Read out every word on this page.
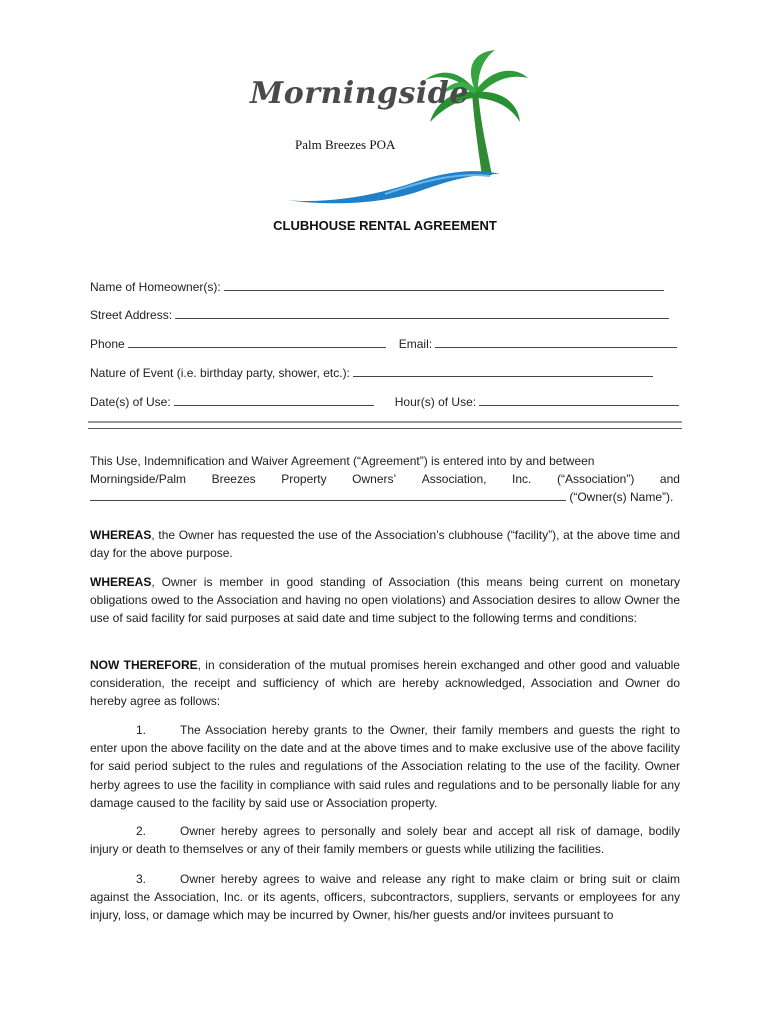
Morningside
Palm Breezes POA
CLUBHOUSE RENTAL AGREEMENT
Name of Homeowner(s):
Street Address:
Phone	Email:
Nature of Event (i.e. birthday party, shower, etc.):
Date(s) of Use:	Hour(s) of Use:
This Use, Indemnification and Waiver Agreement (“Agreement”) is entered into by and between
Morningside/Palm Breezes Property Owners’ Association, Inc. (“Association”) and
(“Owner(s) Name”).
WHEREAS, the Owner has requested the use of the Association’s clubhouse (“facility”), at the above time and day for the above purpose.
WHEREAS, Owner is member in good standing of Association (this means being current on monetary obligations owed to the Association and having no open violations) and Association desires to allow Owner the use of said facility for said purposes at said date and time subject to the following terms and conditions:
NOW THEREFORE, in consideration of the mutual promises herein exchanged and other good and valuable consideration, the receipt and sufficiency of which are hereby acknowledged, Association and Owner do hereby agree as follows:
1.	The Association hereby grants to the Owner, their family members and guests the right to enter upon the above facility on the date and at the above times and to make exclusive use of the above facility for said period subject to the rules and regulations of the Association relating to the use of the facility. Owner herby agrees to use the facility in compliance with said rules and regulations and to be personally liable for any damage caused to the facility by said use or Association property.
2.	Owner hereby agrees to personally and solely bear and accept all risk of damage, bodily injury or death to themselves or any of their family members or guests while utilizing the facilities.
3.	Owner hereby agrees to waive and release any right to make claim or bring suit or claim against the Association, Inc. or its agents, officers, subcontractors, suppliers, servants or employees for any injury, loss, or damage which may be incurred by Owner, his/her guests and/or invitees pursuant to
